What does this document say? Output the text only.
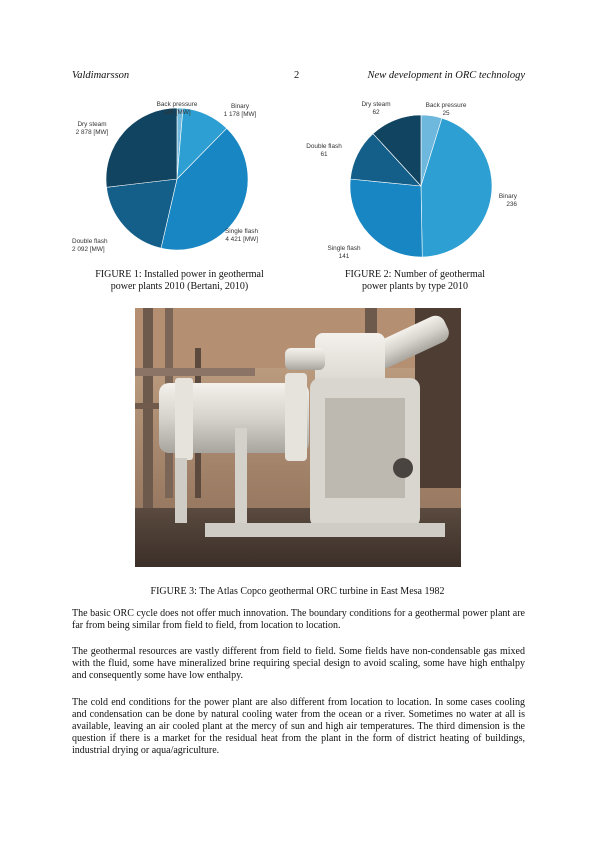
Valdimarsson	2	New development in ORC technology
Back pressure 145 [MW]
Binary 1 178 [MW]
Single flash 4 421 [MW]
Double flash 2 092 [MW]
Dry steam 2 878 [MW]
Back pressure 25
Binary 236
Single flash 141
Double flash 61
Dry steam 62
FIGURE 1: Installed power in geothermal
power plants 2010 (Bertani, 2010)
FIGURE 2: Number of geothermal
power plants by type 2010
FIGURE 3: The Atlas Copco geothermal ORC turbine in East Mesa 1982

The basic ORC cycle does not offer much innovation. The boundary conditions for a geothermal power plant are far from being similar from field to field, from location to location.

The geothermal resources are vastly different from field to field. Some fields have non-condensable gas mixed with the fluid, some have mineralized brine requiring special design to avoid scaling, some have high enthalpy and consequently some have low enthalpy.

The cold end conditions for the power plant are also different from location to location. In some cases cooling and condensation can be done by natural cooling water from the ocean or a river. Sometimes no water at all is available, leaving an air cooled plant at the mercy of sun and high air temperatures. The third dimension is the question if there is a market for the residual heat from the plant in the form of district heating of buildings, industrial drying or aqua/agriculture.
